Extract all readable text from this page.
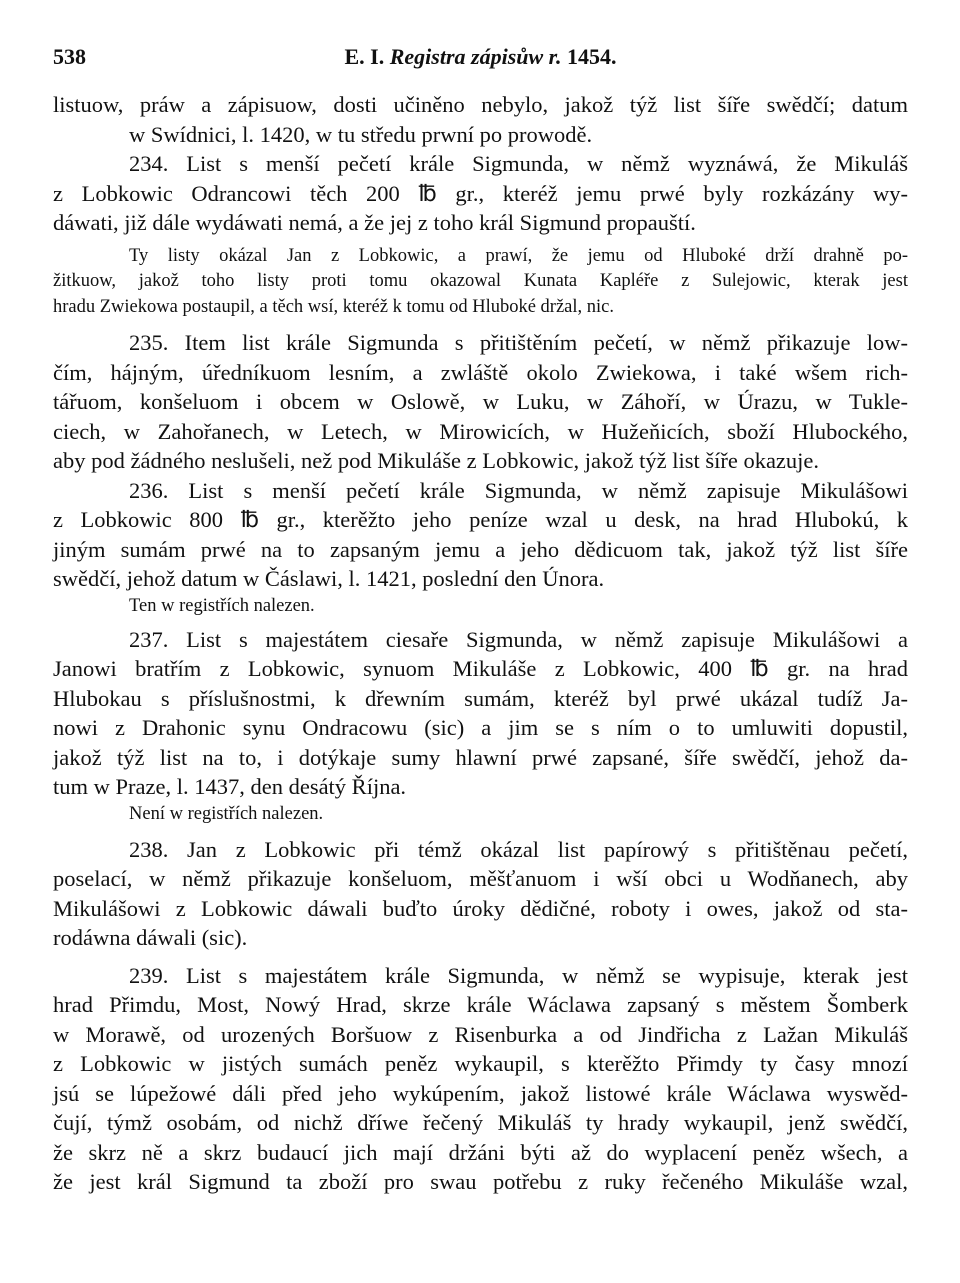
538	E. I. Registra zápisůw r. 1454.
listuow, práw a zápisuow, dosti učiněno nebylo, jakož týž list šíře swědčí; datum
w Swídnici, l. 1420, w tu středu prwní po prowodě.
234. List s menší pečetí krále Sigmunda, w němž wyznáwá, že Mikuláš
z Lobkowic Odrancowi těch 200 ℔ gr., kteréž jemu prwé byly rozkázány wy-
dáwati, již dále wydáwati nemá, a že jej z toho král Sigmund propauští.
Ty listy okázal Jan z Lobkowic, a prawí, že jemu od Hluboké drží drahně po-
žitkuow, jakož toho listy proti tomu okazowal Kunata Kapléře z Sulejowic, kterak jest
hradu Zwiekowa postaupil, a těch wsí, kteréž k tomu od Hluboké držal, nic.
235. Item list krále Sigmunda s přitištěním pečetí, w němž přikazuje low-
čím, hájným, úředníkuom lesním, a zwláště okolo Zwiekowa, i také wšem rich-
tářuom, konšeluom i obcem w Oslowě, w Luku, w Záhoří, w Úrazu, w Tukle-
ciech, w Zahořanech, w Letech, w Mirowicích, w Hužeňicích, sboží Hlubockého,
aby pod žádného neslušeli, než pod Mikuláše z Lobkowic, jakož týž list šíře okazuje.
236. List s menší pečetí krále Sigmunda, w němž zapisuje Mikulášowi
z Lobkowic 800 ℔ gr., kterěžto jeho peníze wzal u desk, na hrad Hlubokú, k
jiným sumám prwé na to zapsaným jemu a jeho dědicuom tak, jakož týž list šíře
swědčí, jehož datum w Čáslawi, l. 1421, poslední den Února.
Ten w registřích nalezen.
237. List s majestátem ciesaře Sigmunda, w němž zapisuje Mikulášowi a
Janowi bratřím z Lobkowic, synuom Mikuláše z Lobkowic, 400 ℔ gr. na hrad
Hlubokau s příslušnostmi, k dřewním sumám, kteréž byl prwé ukázal tudíž Ja-
nowi z Drahonic synu Ondracowu (sic) a jim se s ním o to umluwiti dopustil,
jakož týž list na to, i dotýkaje sumy hlawní prwé zapsané, šíře swědčí, jehož da-
tum w Praze, l. 1437, den desátý Října.
Není w registřích nalezen.
238. Jan z Lobkowic při témž okázal list papírowý s přitištěnau pečetí,
poselací, w němž přikazuje konšeluom, měšťanuom i wší obci u Wodňanech, aby
Mikulášowi z Lobkowic dáwali buďto úroky dědičné, roboty i owes, jakož od sta-
rodáwna dáwali (sic).
239. List s majestátem krále Sigmunda, w němž se wypisuje, kterak jest
hrad Přimdu, Most, Nowý Hrad, skrze krále Wáclawa zapsaný s městem Šomberk
w Morawě, od urozených Boršuow z Risenburka a od Jindřicha z Lažan Mikuláš
z Lobkowic w jistých sumách peněz wykaupil, s kterěžto Přimdy ty časy mnozí
jsú se lúpežowé dáli před jeho wykúpením, jakož listowé krále Wáclawa wyswěd-
čují, týmž osobám, od nichž dříwe řečený Mikuláš ty hrady wykaupil, jenž swědčí,
že skrz ně a skrz budaucí jich mají držáni býti až do wyplacení peněz wšech, a
že jest král Sigmund ta zboží pro swau potřebu z ruky řečeného Mikuláše wzal,
